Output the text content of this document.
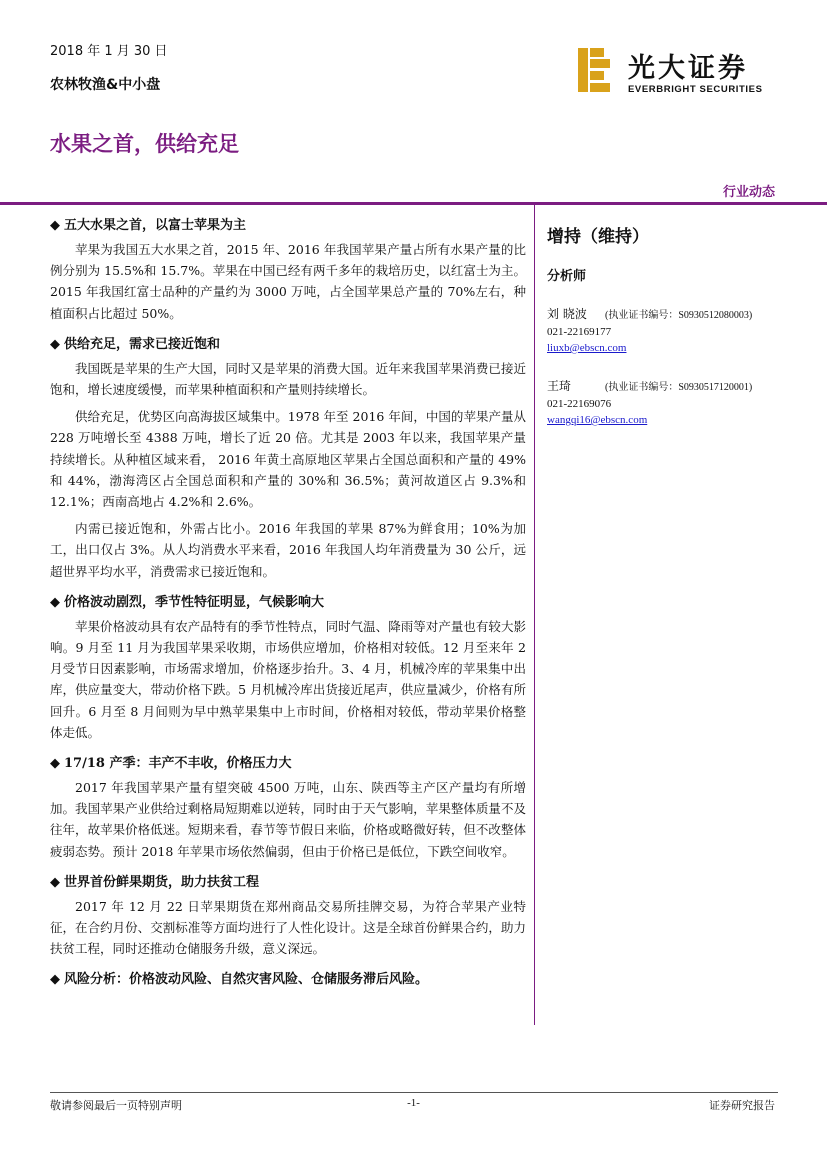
2018 年 1 月 30 日
农林牧渔&中小盘
水果之首，供给充足
光大证券
EVERBRIGHT SECURITIES
行业动态
◆ 五大水果之首，以富士苹果为主

苹果为我国五大水果之首，2015 年、2016 年我国苹果产量占所有水果产量的比例分别为 15.5%和 15.7%。苹果在中国已经有两千多年的栽培历史，以红富士为主。2015 年我国红富士品种的产量约为 3000 万吨，占全国苹果总产量的 70%左右，种植面积占比超过 50%。

◆ 供给充足，需求已接近饱和

我国既是苹果的生产大国，同时又是苹果的消费大国。近年来我国苹果消费已接近饱和，增长速度缓慢，而苹果种植面积和产量则持续增长。

供给充足，优势区向高海拔区域集中。1978 年至 2016 年间，中国的苹果产量从 228 万吨增长至 4388 万吨，增长了近 20 倍。尤其是 2003 年以来，我国苹果产量持续增长。从种植区域来看， 2016 年黄土高原地区苹果占全国总面积和产量的 49%和 44%，渤海湾区占全国总面积和产量的 30%和 36.5%；黄河故道区占 9.3%和 12.1%；西南高地占 4.2%和 2.6%。

内需已接近饱和，外需占比小。2016 年我国的苹果 87%为鲜食用；10%为加工，出口仅占 3%。从人均消费水平来看，2016 年我国人均年消费量为 30 公斤，远超世界平均水平，消费需求已接近饱和。

◆ 价格波动剧烈，季节性特征明显，气候影响大

苹果价格波动具有农产品特有的季节性特点，同时气温、降雨等对产量也有较大影响。9 月至 11 月为我国苹果采收期，市场供应增加，价格相对较低。12 月至来年 2 月受节日因素影响，市场需求增加，价格逐步抬升。3、4 月，机械冷库的苹果集中出库，供应量变大，带动价格下跌。5 月机械冷库出货接近尾声，供应量减少，价格有所回升。6 月至 8 月间则为早中熟苹果集中上市时间，价格相对较低，带动苹果价格整体走低。

◆ 17/18 产季：丰产不丰收，价格压力大

2017 年我国苹果产量有望突破 4500 万吨，山东、陕西等主产区产量均有所增加。我国苹果产业供给过剩格局短期难以逆转，同时由于天气影响，苹果整体质量不及往年，故苹果价格低迷。短期来看，春节等节假日来临，价格或略微好转，但不改整体疲弱态势。预计 2018 年苹果市场依然偏弱，但由于价格已是低位，下跌空间收窄。

◆ 世界首份鲜果期货，助力扶贫工程

2017 年 12 月 22 日苹果期货在郑州商品交易所挂牌交易，为符合苹果产业特征，在合约月份、交割标准等方面均进行了人性化设计。这是全球首份鲜果合约，助力扶贫工程，同时还推动仓储服务升级，意义深远。

◆ 风险分析：价格波动风险、自然灾害风险、仓储服务滞后风险。
增持（维持）
分析师
刘 晓波 (执业证书编号：S0930512080003)
021-22169177
liuxb@ebscn.com
王琦	(执业证书编号：S0930517120001)
021-22169076
wangqi16@ebscn.com
敬请参阅最后一页特别声明	-1-	证券研究报告
